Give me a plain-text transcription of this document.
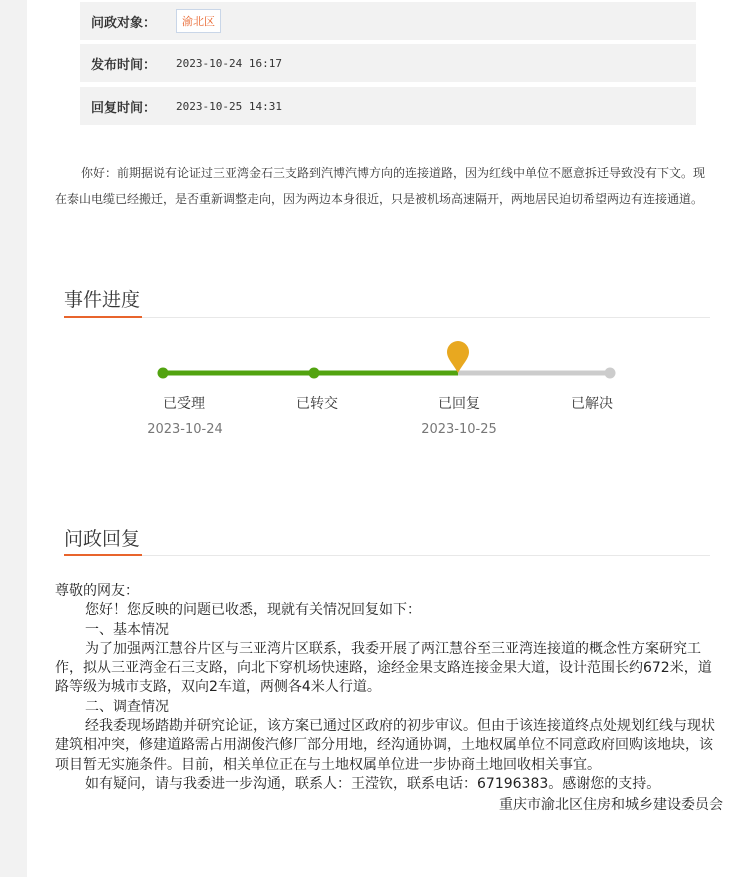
问政对象：	渝北区
发布时间：	2023-10-24 16:17
回复时间：	2023-10-25 14:31
你好：前期据说有论证过三亚湾金石三支路到汽博汽博方向的连接道路，因为红线中单位不愿意拆迁导致没有下文。现在泰山电缆已经搬迁，是否重新调整走向，因为两边本身很近，只是被机场高速隔开，两地居民迫切希望两边有连接通道。
事件进度
已受理	已转交	已回复	已解决
2023-10-24	2023-10-25
问政回复

尊敬的网友：

您好！您反映的问题已收悉，现就有关情况回复如下：

一、基本情况

为了加强两江慧谷片区与三亚湾片区联系，我委开展了两江慧谷至三亚湾连接道的概念性方案研究工作，拟从三亚湾金石三支路，向北下穿机场快速路，途经金果支路连接金果大道，设计范围长约672米，道路等级为城市支路，双向2车道，两侧各4米人行道。

二、调查情况

经我委现场踏勘并研究论证，该方案已通过区政府的初步审议。但由于该连接道终点处规划红线与现状建筑相冲突，修建道路需占用湖俊汽修厂部分用地，经沟通协调，土地权属单位不同意政府回购该地块，该项目暂无实施条件。目前，相关单位正在与土地权属单位进一步协商土地回收相关事宜。

如有疑问，请与我委进一步沟通，联系人：王滢钦，联系电话：67196383。感谢您的支持。

重庆市渝北区住房和城乡建设委员会
